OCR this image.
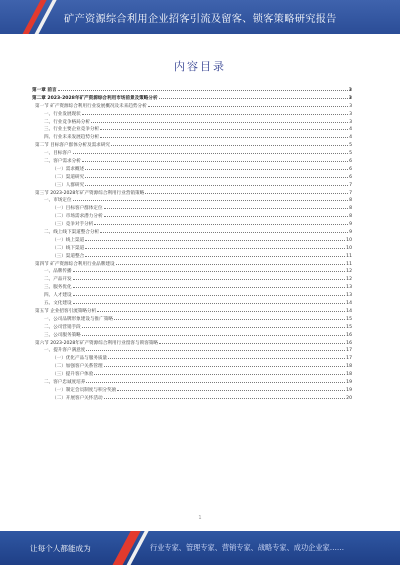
矿产资源综合利用企业招客引流及留客、锁客策略研究报告
内容目录
第一章 前言	3
第二章 2023-2028年矿产资源综合利用市场前景及策略分析	3
第一节 矿产资源综合利用行业发展概况及未来趋势分析	3
一、行业发展现状	3
二、行业竞争格局分析	3
三、行业主要企业竞争分析	4
四、行业未来发展趋势分析	4
第二节 目标客户群体分析及需求研究	5
一、目标客户	5
二、客户需求分析	6
（一）需求概述	6
（二）渠道研究	6
（三）人群研究	7
第三节 2023-2028年矿产资源综合利用行业营销策略	7
一、市场定位	8
（一）目标客户群体定位	8
（二）市场需求潜力分析	8
（三）竞争对手分析	9
二、线上线下渠道整合分析	9
（一）线上渠道	10
（二）线下渠道	10
（三）渠道整合	11
第四节 矿产资源综合利用行业品牌建设	11
一、品牌传播	12
二、产品开发	12
三、服务优化	13
四、人才建设	13
五、文化建设	14
第五节 企业招客引流策略分析	14
一、公司品牌形象建设与推广策略	15
二、公司营销手段	15
三、公司服务策略	16
第六节 2023-2028年矿产资源综合利用行业留客与锁客策略	16
一、提升客户满意度	17
（一）优化产品与服务质量	17
（二）加强客户关系管理	18
（三）提升客户体验	18
二、客户忠诚度培养	19
（一）制定会员制度与积分奖励	19
（二）开展客户关怀活动	20
1
让每个人都能成为	行业专家、管理专家、营销专家、战略专家、成功企业家……
